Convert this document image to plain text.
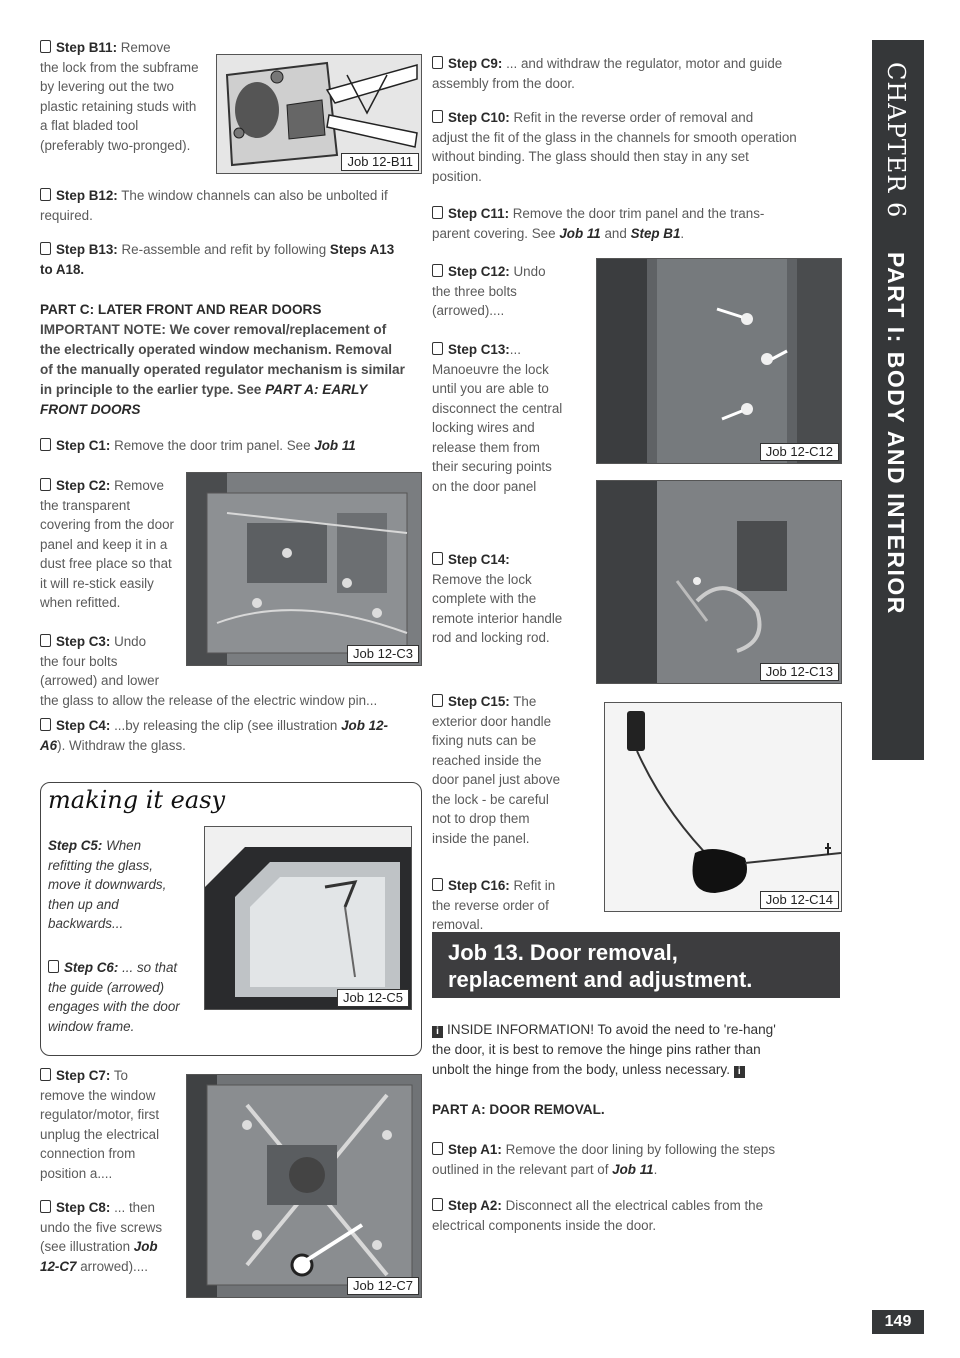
CHAPTER 6
PART I: BODY AND INTERIOR
149
Step B11: Remove
the lock from the subframe
by levering out the two
plastic retaining studs with
a flat bladed tool
(preferably two-pronged).
Job 12-B11
Step B12: The window channels can also be unbolted if
required.
Step B13: Re-assemble and refit by following Steps A13
to A18.
PART C: LATER FRONT AND REAR DOORS
IMPORTANT NOTE: We cover removal/replacement of
the electrically operated window mechanism. Removal
of the manually operated regulator mechanism is similar
in principle to the earlier type. See PART A: EARLY
FRONT DOORS
Step C1: Remove the door trim panel. See Job 11
Step C2: Remove
the transparent
covering from the door
panel and keep it in a
dust free place so that
it will re-stick easily
when refitted.
Job 12-C3
Step C3: Undo
the four bolts
(arrowed) and lower
the glass to allow the release of the electric window pin...
Step C4: ...by releasing the clip (see illustration Job 12-
A6). Withdraw the glass.
making it easy
Step C5: When
refitting the glass,
move it downwards,
then up and
backwards...
Step C6: ... so that
the guide (arrowed)
engages with the door
window frame.
Job 12-C5
Step C7: To
remove the window
regulator/motor, first
unplug the electrical
connection from
position a....
Step C8: ... then
undo the five screws
(see illustration Job
12-C7 arrowed)....
Job 12-C7
Step C9: ... and withdraw the regulator, motor and guide
assembly from the door.
Step C10: Refit in the reverse order of removal and
adjust the fit of the glass in the channels for smooth operation
without binding. The glass should then stay in any set
position.
Step C11: Remove the door trim panel and the trans-
parent covering. See Job 11 and Step B1.
Step C12: Undo
the three bolts
(arrowed)....
Job 12-C12
Step C13:...
Manoeuvre the lock
until you are able to
disconnect the central
locking wires and
release them from
their securing points
on the door panel
Job 12-C13
Step C14:
Remove the lock
complete with the
remote interior handle
rod and locking rod.
Step C15: The
exterior door handle
fixing nuts can be
reached inside the
door panel just above
the lock - be careful
not to drop them
inside the panel.
Job 12-C14
Step C16: Refit in
the reverse order of
removal.
Job 13. Door removal,
replacement and adjustment.
i INSIDE INFORMATION! To avoid the need to 're-hang'
the door, it is best to remove the hinge pins rather than
unbolt the hinge from the body, unless necessary. i
PART A: DOOR REMOVAL.
Step A1: Remove the door lining by following the steps
outlined in the relevant part of Job 11.
Step A2: Disconnect all the electrical cables from the
electrical components inside the door.
